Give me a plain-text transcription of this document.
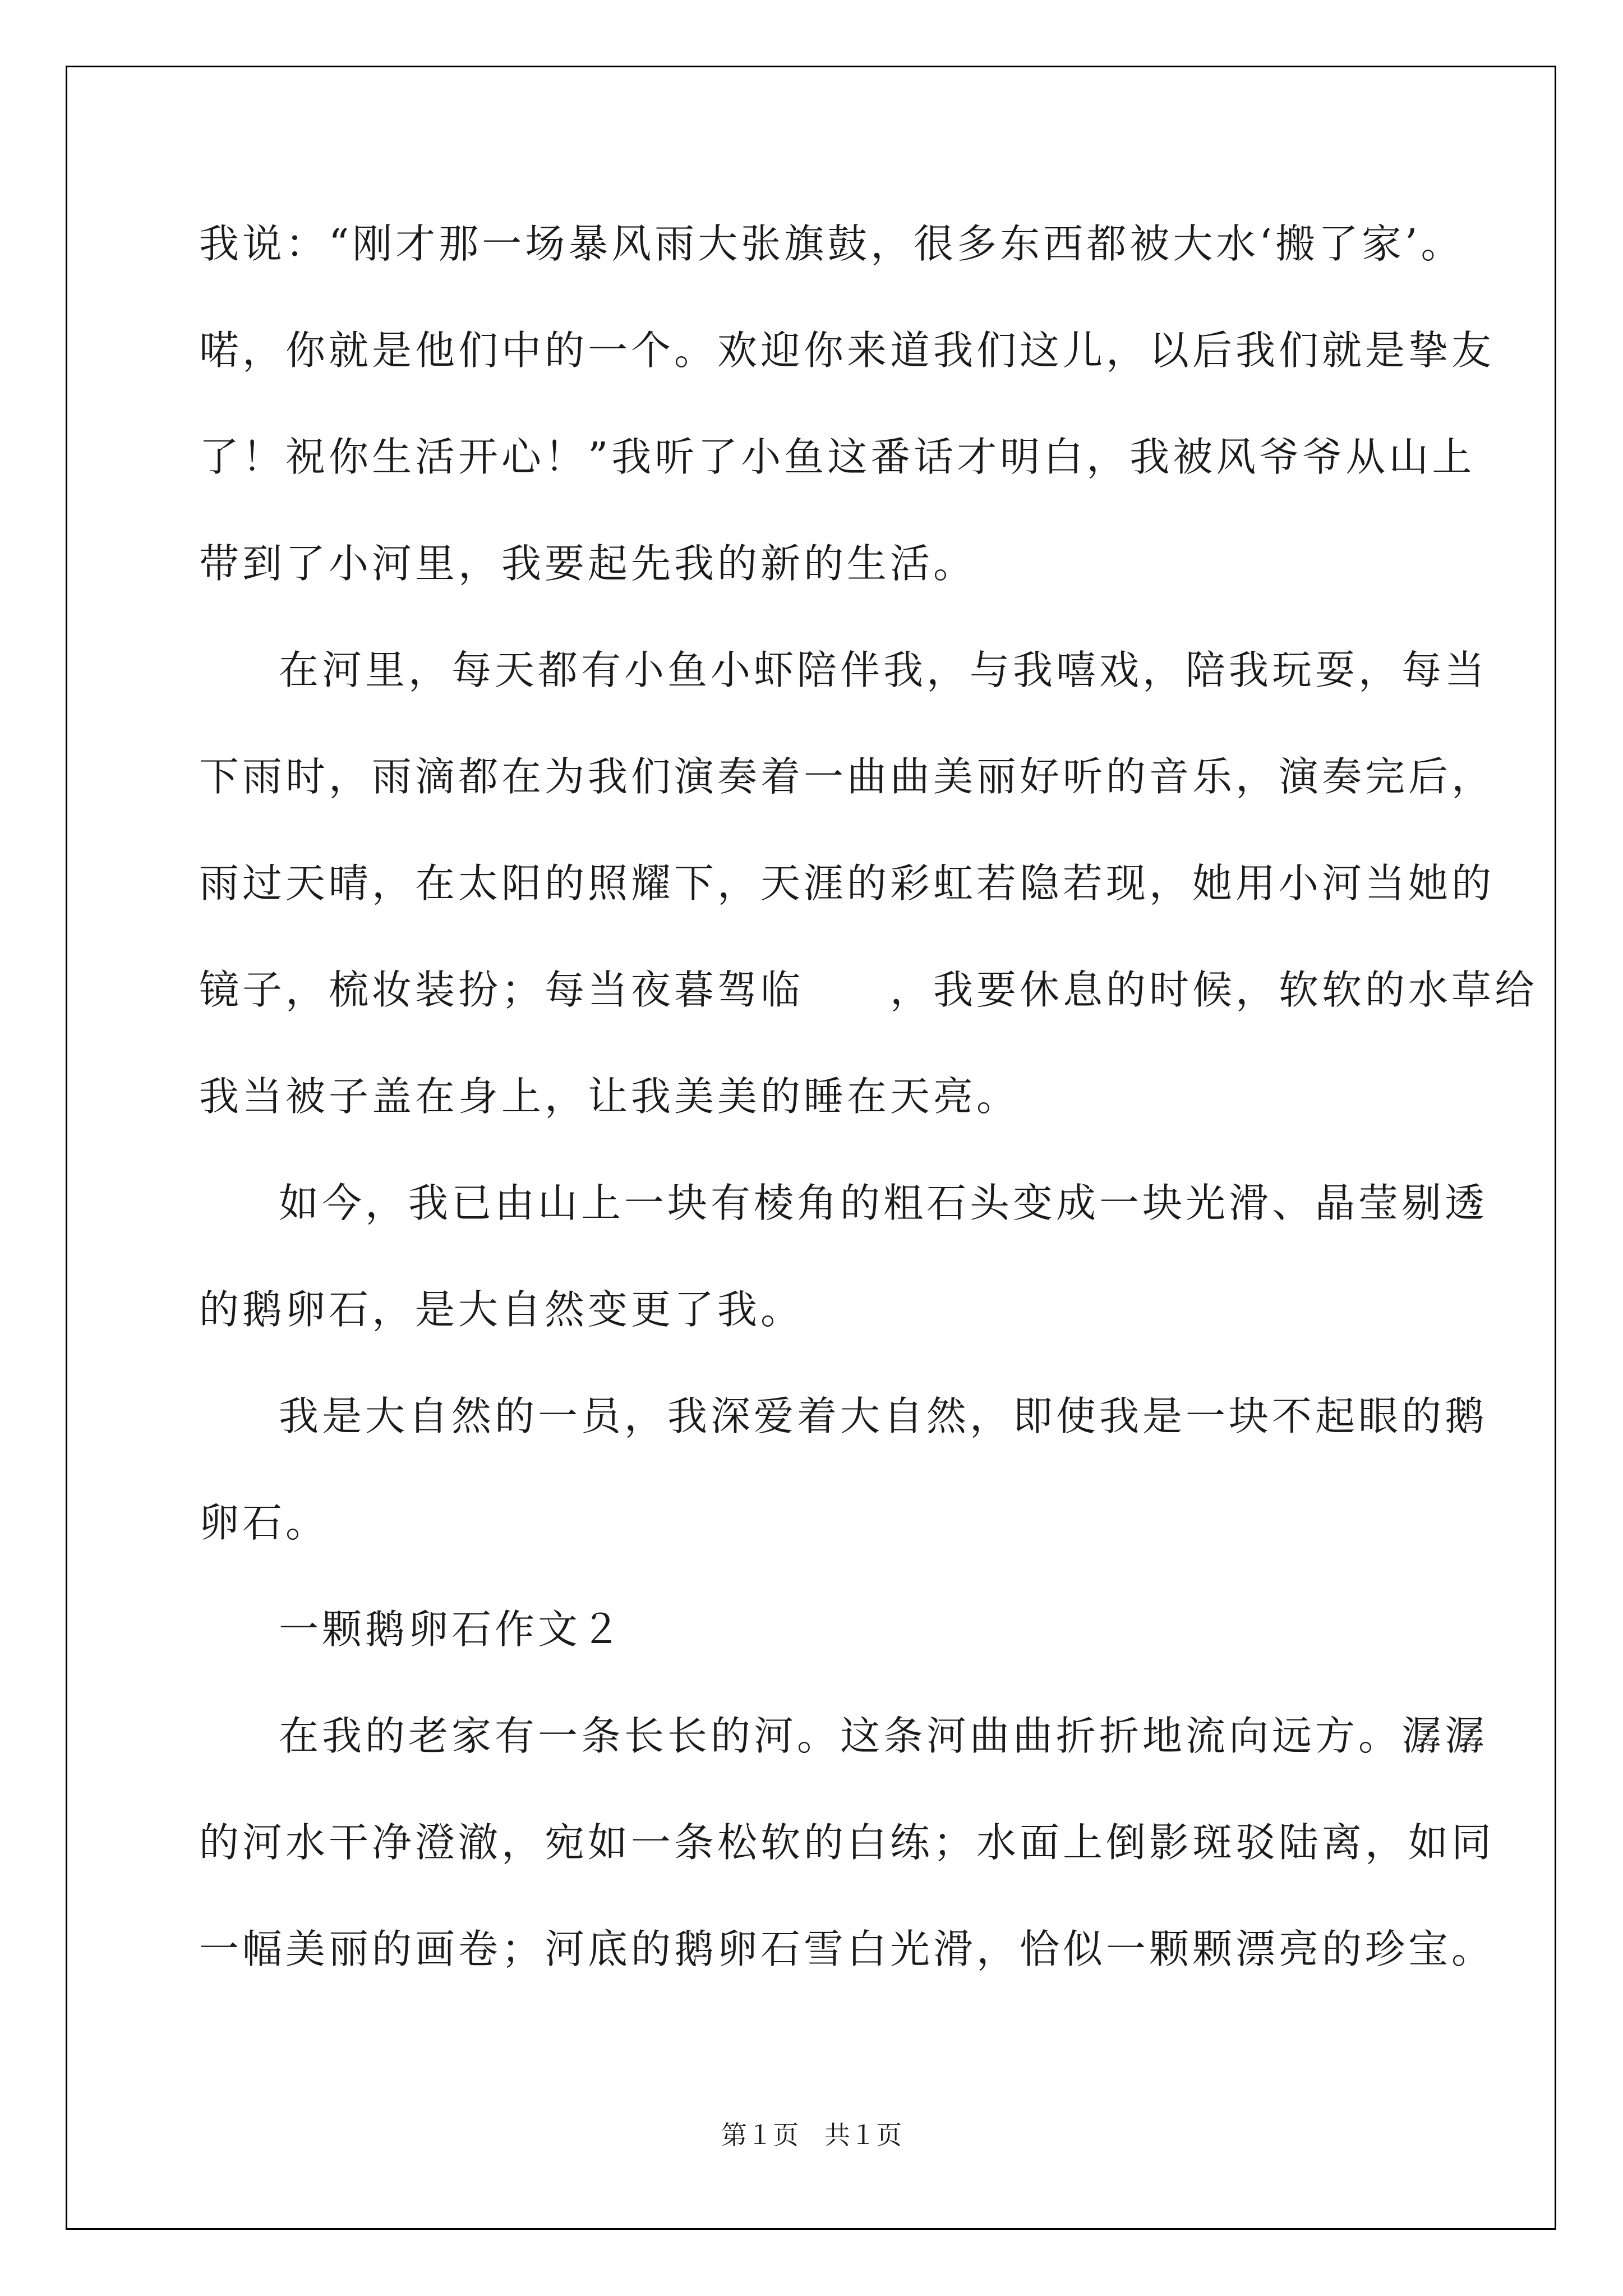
我说：“刚才那一场暴风雨大张旗鼓，很多东西都被大水‘搬了家’。
喏，你就是他们中的一个。欢迎你来道我们这儿，以后我们就是挚友
了！祝你生活开心！”我听了小鱼这番话才明白，我被风爷爷从山上
带到了小河里，我要起先我的新的生活。
在河里，每天都有小鱼小虾陪伴我，与我嘻戏，陪我玩耍，每当
下雨时，雨滴都在为我们演奏着一曲曲美丽好听的音乐，演奏完后，
雨过天晴，在太阳的照耀下，天涯的彩虹若隐若现，她用小河当她的
镜子，梳妆装扮；每当夜暮驾临　　，我要休息的时候，软软的水草给
我当被子盖在身上，让我美美的睡在天亮。
如今，我已由山上一块有棱角的粗石头变成一块光滑、晶莹剔透
的鹅卵石，是大自然变更了我。
我是大自然的一员，我深爱着大自然，即使我是一块不起眼的鹅
卵石。
一颗鹅卵石作文２
在我的老家有一条长长的河。这条河曲曲折折地流向远方。潺潺
的河水干净澄澈，宛如一条松软的白练；水面上倒影斑驳陆离，如同
一幅美丽的画卷；河底的鹅卵石雪白光滑，恰似一颗颗漂亮的珍宝。
第１页　共１页
